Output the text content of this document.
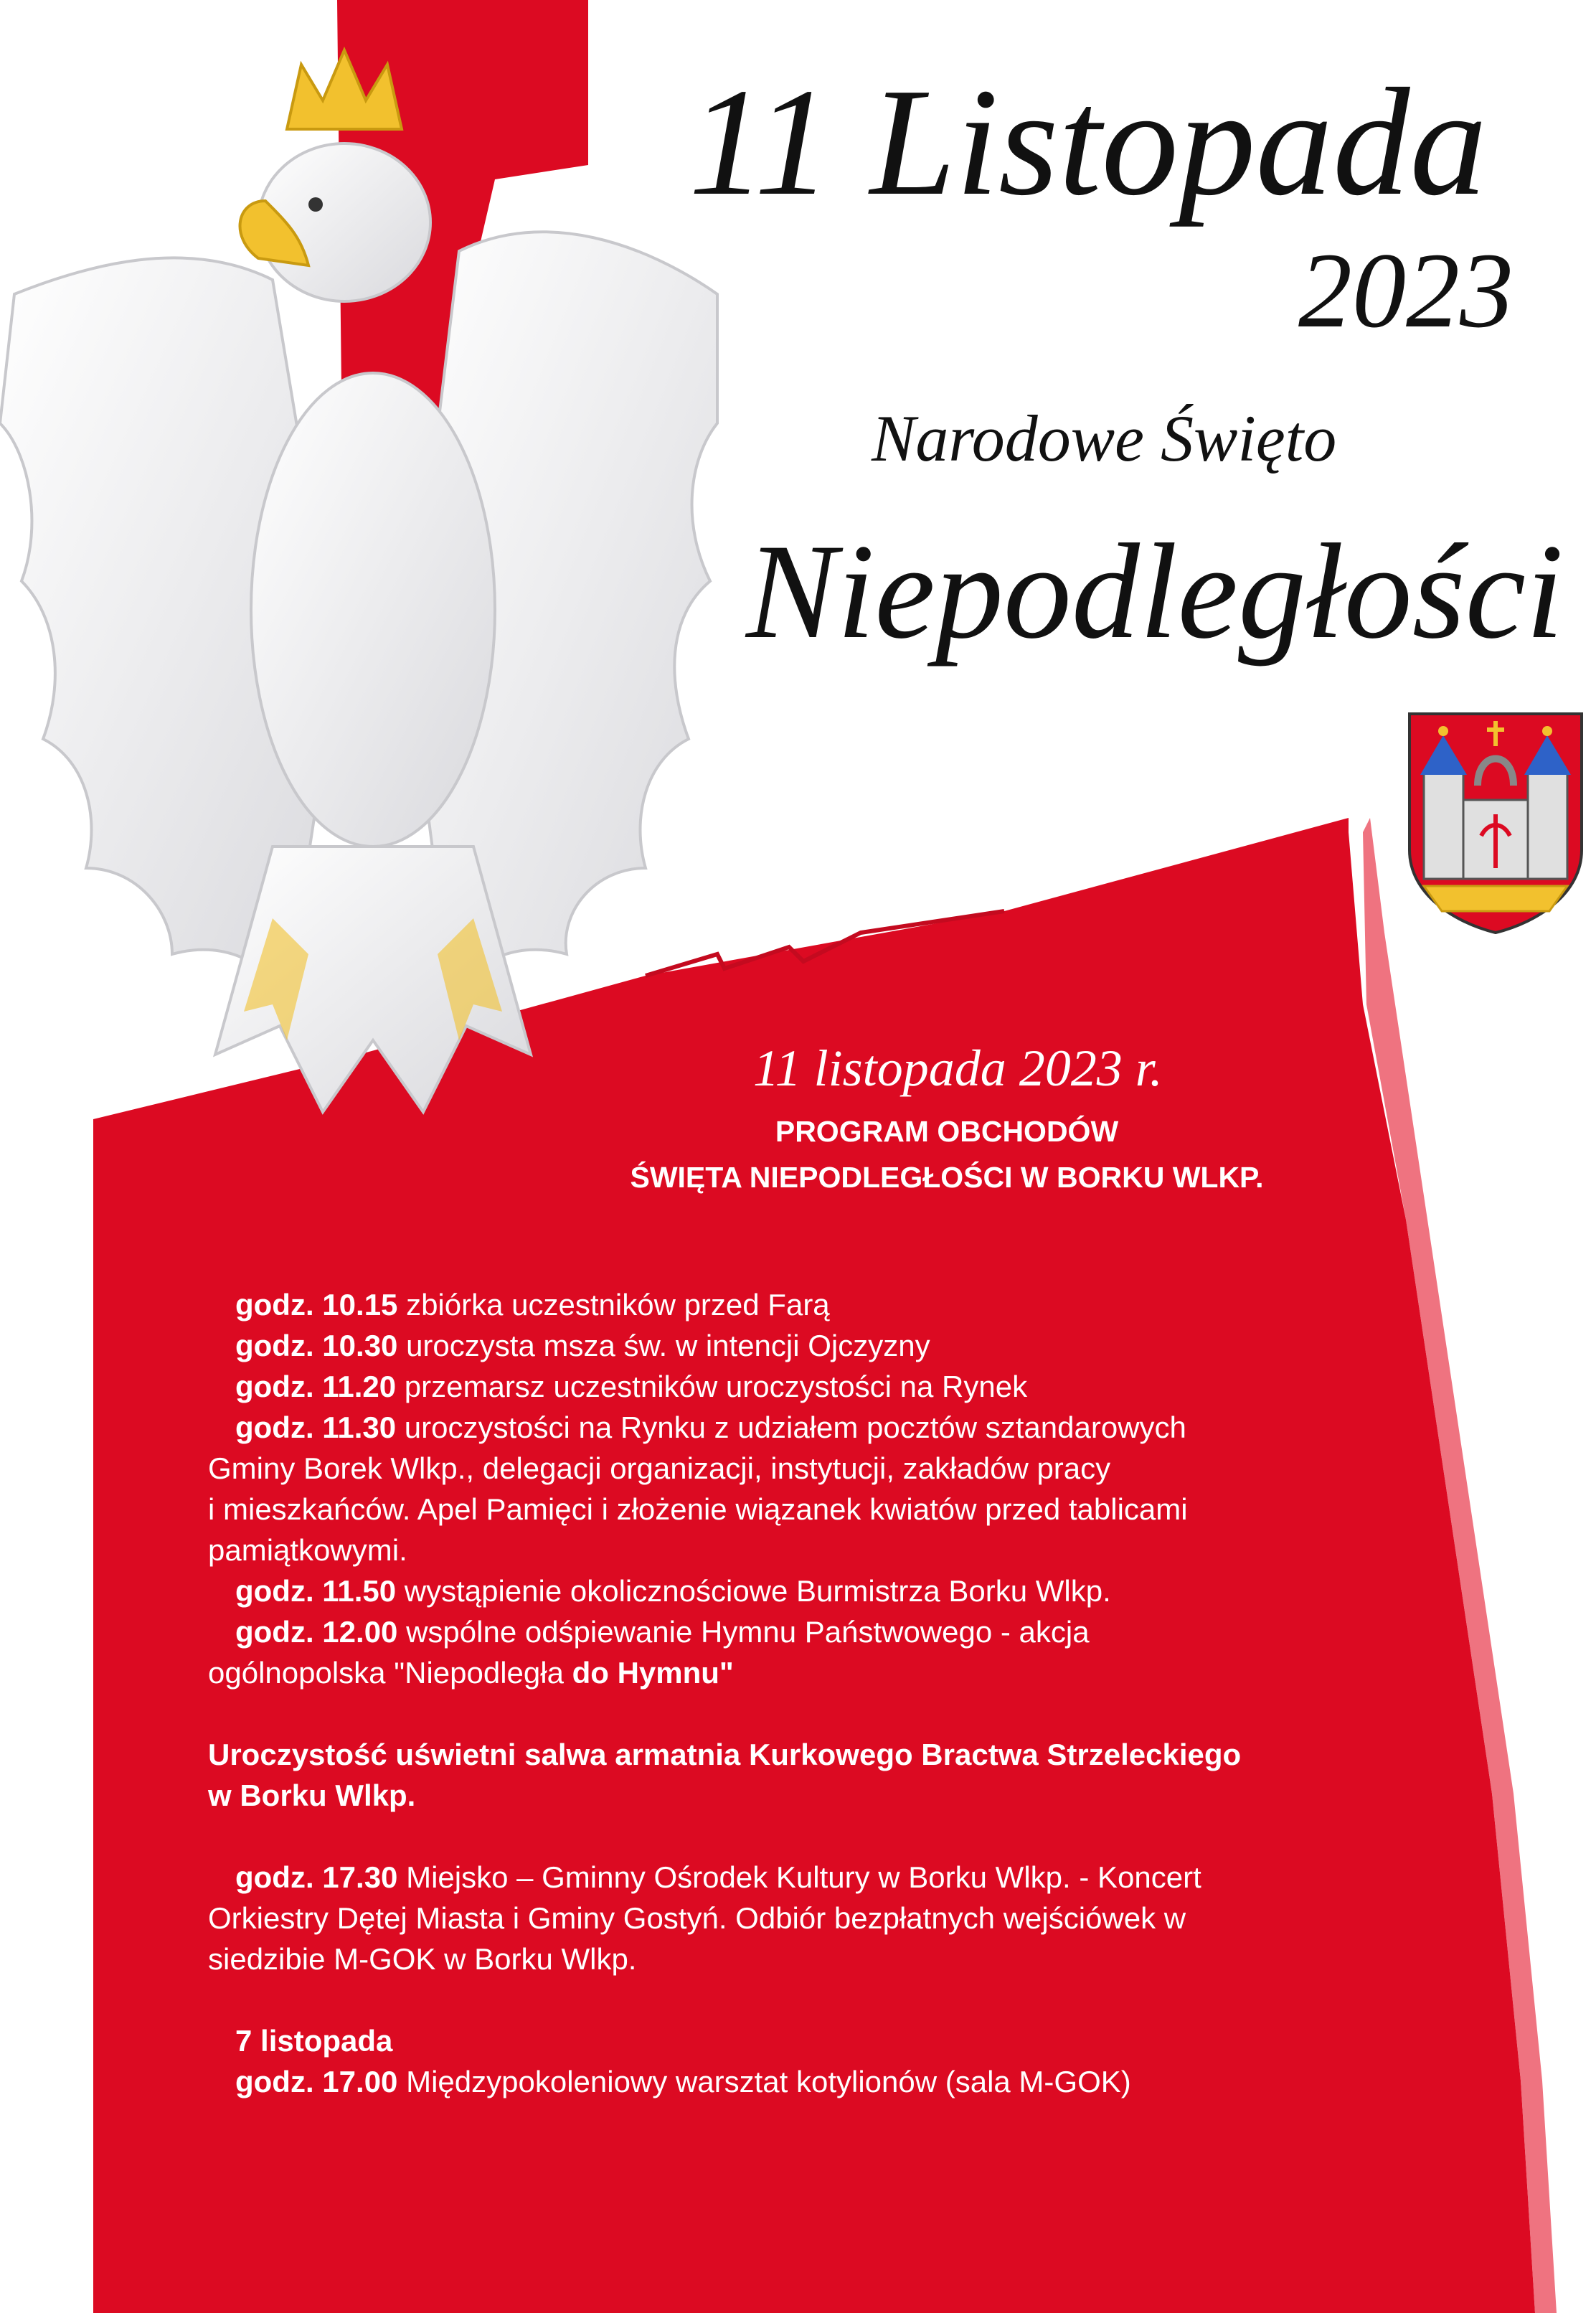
11 Listopada
2023
Narodowe Święto
Niepodległości
11 listopada 2023 r.
PROGRAM OBCHODÓW
ŚWIĘTA NIEPODLEGŁOŚCI W BORKU WLKP.

godz. 10.15 zbiórka uczestników przed Farą

godz. 10.30 uroczysta msza św. w intencji Ojczyzny

godz. 11.20 przemarsz uczestników uroczystości na Rynek

godz. 11.30 uroczystości na Rynku z udziałem pocztów sztandarowych

Gminy Borek Wlkp., delegacji organizacji, instytucji, zakładów pracy

i mieszkańców. Apel Pamięci i złożenie wiązanek kwiatów przed tablicami

pamiątkowymi.

godz. 11.50 wystąpienie okolicznościowe Burmistrza Borku Wlkp.

godz. 12.00 wspólne odśpiewanie Hymnu Państwowego - akcja

ogólnopolska "Niepodległa do Hymnu"

Uroczystość uświetni salwa armatnia Kurkowego Bractwa Strzeleckiego

w Borku Wlkp.

godz. 17.30 Miejsko – Gminny Ośrodek Kultury w Borku Wlkp. - Koncert

Orkiestry Dętej Miasta i Gminy Gostyń. Odbiór bezpłatnych wejściówek w

siedzibie M-GOK w Borku Wlkp.

7 listopada

godz. 17.00 Międzypokoleniowy warsztat kotylionów (sala M-GOK)
